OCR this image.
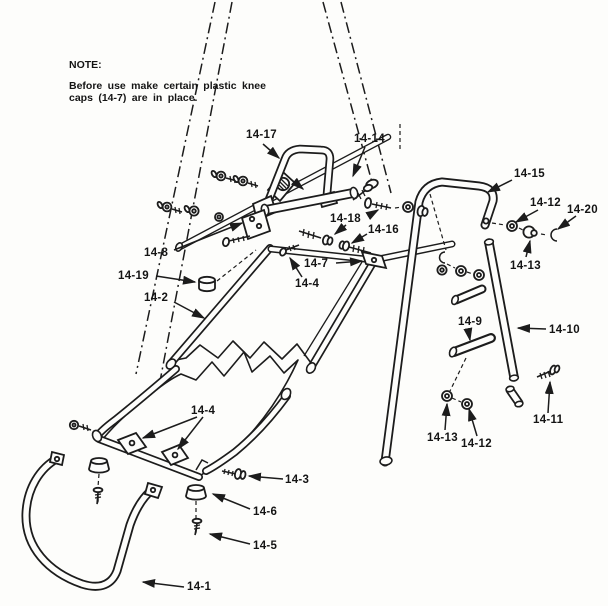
14-17	14-14
14-15
14-12
14-20
14-13
14-18
14-16
14-8
14-19
14-2
14-7
14-4
14-9
14-10
14-11
14-13 14-12
14-4
14-3
14-6
14-5
14-1
NOTE:
Before use make certain plastic knee
caps (14-7) are in place.
